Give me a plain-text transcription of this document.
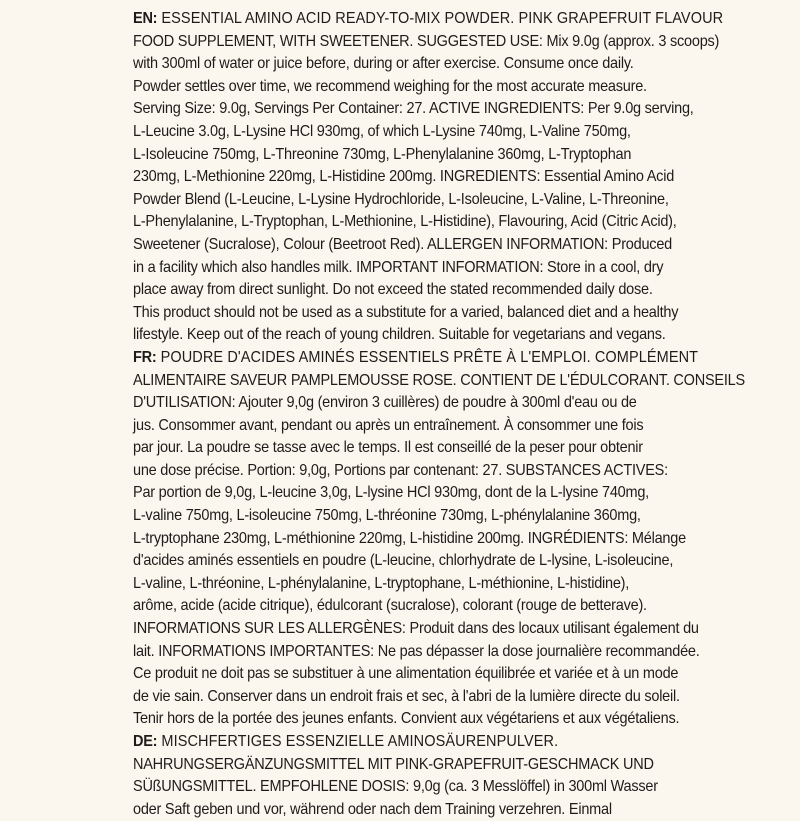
EN: ESSENTIAL AMINO ACID READY-TO-MIX POWDER. PINK GRAPEFRUIT FLAVOUR

FOOD SUPPLEMENT, WITH SWEETENER. SUGGESTED USE: Mix 9.0g (approx. 3 scoops)

with 300ml of water or juice before, during or after exercise. Consume once daily.

Powder settles over time, we recommend weighing for the most accurate measure.

Serving Size: 9.0g, Servings Per Container: 27. ACTIVE INGREDIENTS: Per 9.0g serving,

L-Leucine 3.0g, L-Lysine HCl 930mg, of which L-Lysine 740mg, L-Valine 750mg,

L-Isoleucine 750mg, L-Threonine 730mg, L-Phenylalanine 360mg, L-Tryptophan

230mg, L-Methionine 220mg, L-Histidine 200mg. INGREDIENTS: Essential Amino Acid

Powder Blend (L-Leucine, L-Lysine Hydrochloride, L-Isoleucine, L-Valine, L-Threonine,

L-Phenylalanine, L-Tryptophan, L-Methionine, L-Histidine), Flavouring, Acid (Citric Acid),

Sweetener (Sucralose), Colour (Beetroot Red). ALLERGEN INFORMATION: Produced

in a facility which also handles milk. IMPORTANT INFORMATION: Store in a cool, dry

place away from direct sunlight. Do not exceed the stated recommended daily dose.

This product should not be used as a substitute for a varied, balanced diet and a healthy

lifestyle. Keep out of the reach of young children. Suitable for vegetarians and vegans.

FR: POUDRE D'ACIDES AMINÉS ESSENTIELS PRÊTE À L'EMPLOI. COMPLÉMENT

ALIMENTAIRE SAVEUR PAMPLEMOUSSE ROSE. CONTIENT DE L'ÉDULCORANT. CONSEILS

D'UTILISATION: Ajouter 9,0g (environ 3 cuillères) de poudre à 300ml d'eau ou de

jus. Consommer avant, pendant ou après un entraînement. À consommer une fois

par jour. La poudre se tasse avec le temps. Il est conseillé de la peser pour obtenir

une dose précise. Portion: 9,0g, Portions par contenant: 27. SUBSTANCES ACTIVES:

Par portion de 9,0g, L-leucine 3,0g, L-lysine HCl 930mg, dont de la L-lysine 740mg,

L-valine 750mg, L-isoleucine 750mg, L-thréonine 730mg, L-phénylalanine 360mg,

L-tryptophane 230mg, L-méthionine 220mg, L-histidine 200mg. INGRÉDIENTS: Mélange

d'acides aminés essentiels en poudre (L-leucine, chlorhydrate de L-lysine, L-isoleucine,

L-valine, L-thréonine, L-phénylalanine, L-tryptophane, L-méthionine, L-histidine),

arôme, acide (acide citrique), édulcorant (sucralose), colorant (rouge de betterave).

INFORMATIONS SUR LES ALLERGÈNES: Produit dans des locaux utilisant également du

lait. INFORMATIONS IMPORTANTES: Ne pas dépasser la dose journalière recommandée.

Ce produit ne doit pas se substituer à une alimentation équilibrée et variée et à un mode

de vie sain. Conserver dans un endroit frais et sec, à l'abri de la lumière directe du soleil.

Tenir hors de la portée des jeunes enfants. Convient aux végétariens et aux végétaliens.

DE: MISCHFERTIGES ESSENZIELLE AMINOSÄURENPULVER.

NAHRUNGSERGÄNZUNGSMITTEL MIT PINK-GRAPEFRUIT-GESCHMACK UND

SÜßUNGSMITTEL. EMPFOHLENE DOSIS: 9,0g (ca. 3 Messlöffel) in 300ml Wasser

oder Saft geben und vor, während oder nach dem Training verzehren. Einmal
